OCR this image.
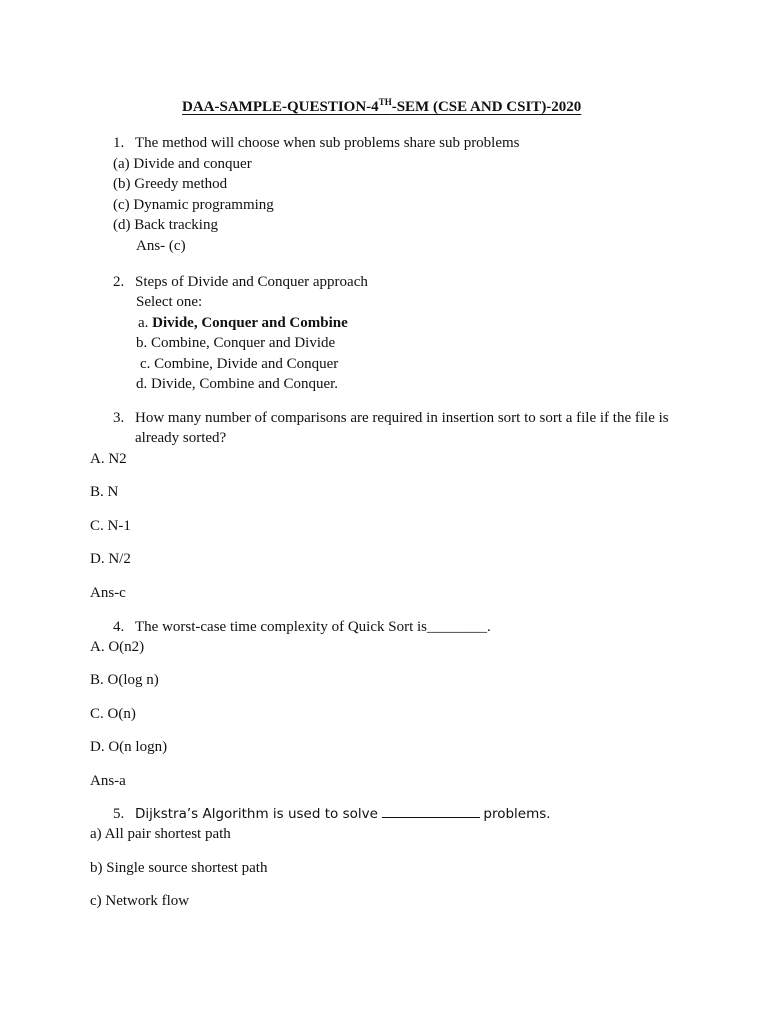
DAA-SAMPLE-QUESTION-4TH-SEM (CSE AND CSIT)-2020
1. The method will choose when sub problems share sub problems
(a) Divide and conquer
(b) Greedy method
(c) Dynamic programming
(d) Back tracking
Ans- (c)
2. Steps of Divide and Conquer approach
Select one:
a. Divide, Conquer and Combine
b. Combine, Conquer and Divide
c. Combine, Divide and Conquer
d. Divide, Combine and Conquer.
3. How many number of comparisons are required in insertion sort to sort a file if the file is
already sorted?
A. N2
B. N
C. N-1
D. N/2
Ans-c
4. The worst-case time complexity of Quick Sort is________.
A. O(n2)
B. O(log n)
C. O(n)
D. O(n logn)
Ans-a
5. Dijkstra’s Algorithm is used to solve	problems.
a) All pair shortest path
b) Single source shortest path
c) Network flow
